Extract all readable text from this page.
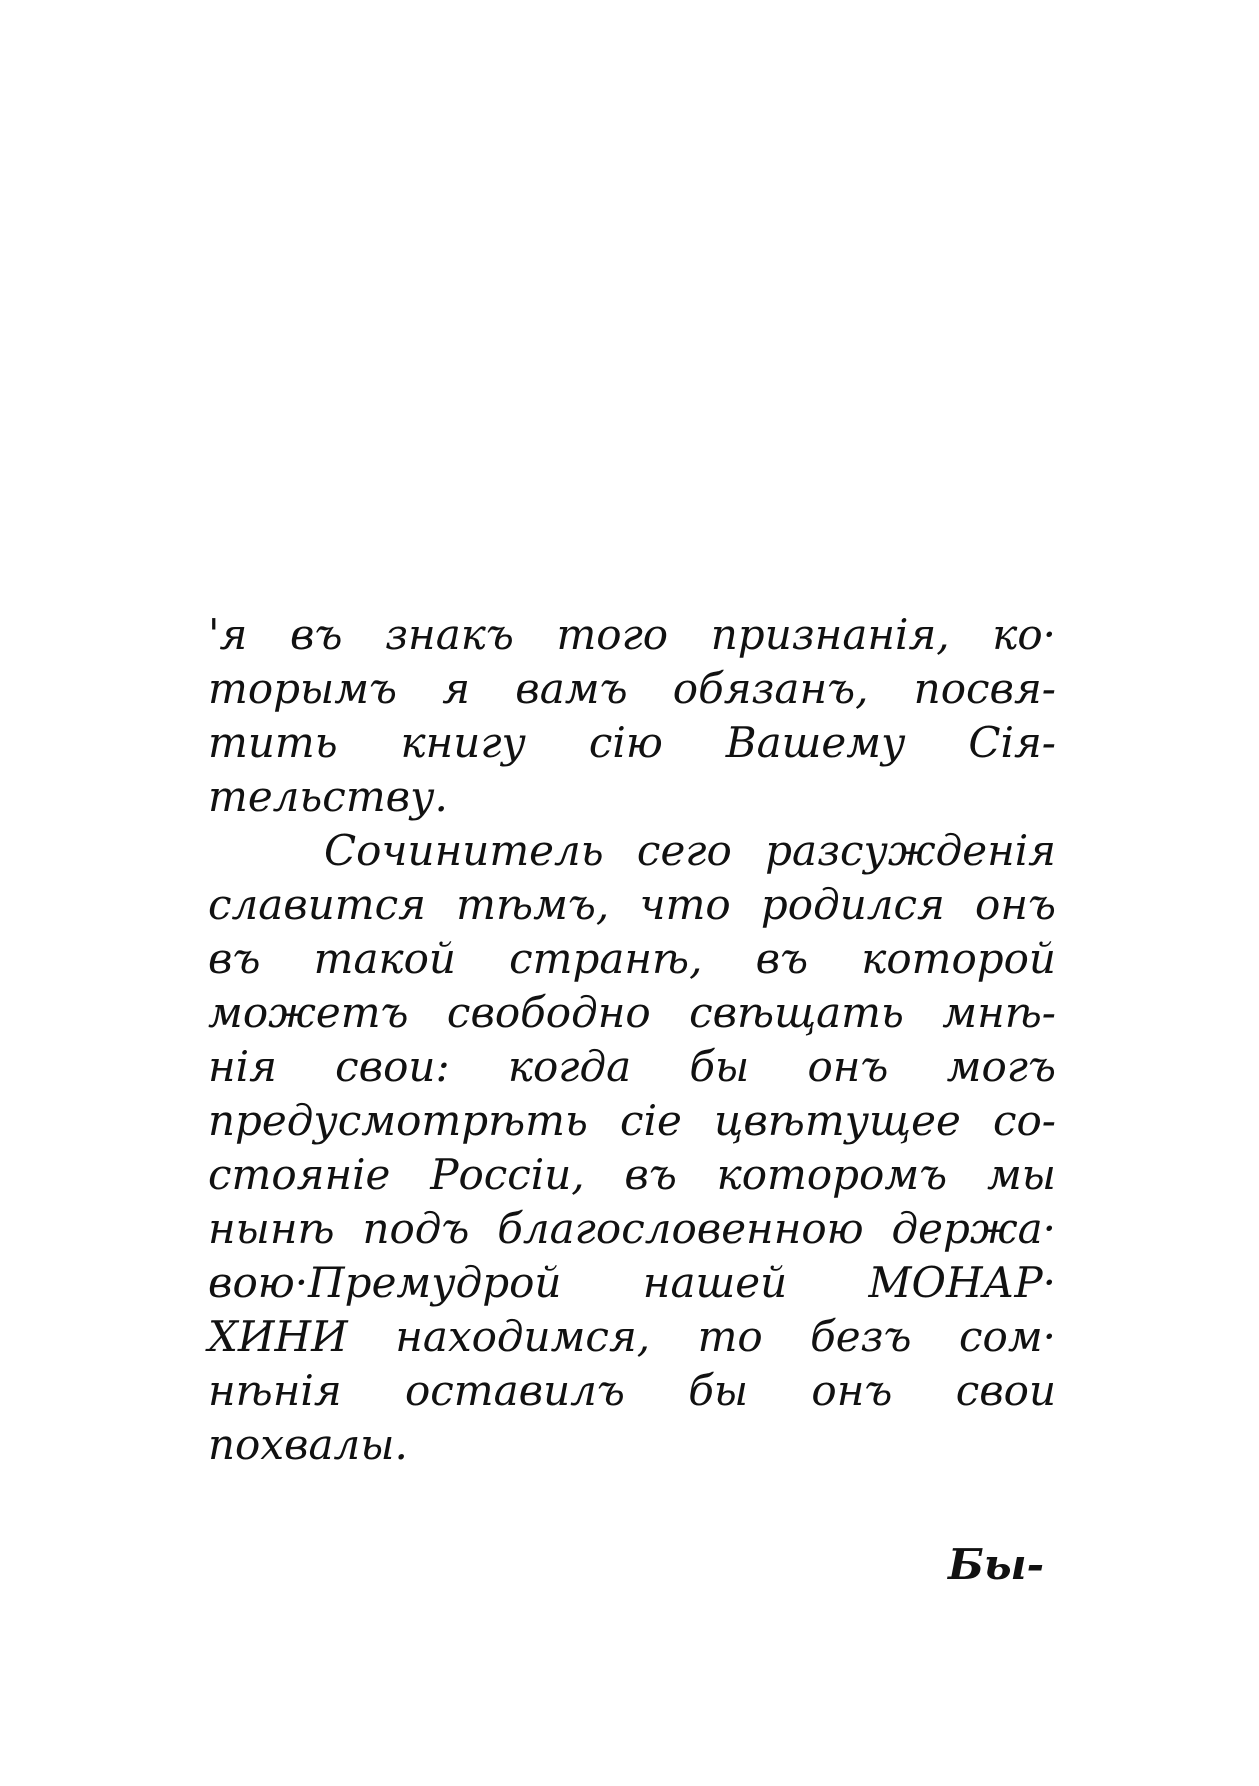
'я въ знакъ того признанія, ко·
торымъ я вамъ обязанъ, посвя-
тить книгу сію Вашему Сія-
тельству.
Сочинитель сего разсужденія
славится тѣмъ, что родился онъ
въ такой странѣ, въ которой
можетъ свободно свѣщать мнѣ-
нія свои: когда бы онъ могъ
предусмотрѣть сіе цвѣтущее со-
стояніе Россіи, въ которомъ мы
нынѣ подъ благословенною держа·
вою·Премудрой нашей МОНАР·
ХИНИ находимся, то безъ сом·
нѣнія оставилъ бы онъ свои
похвалы.
Бы-
